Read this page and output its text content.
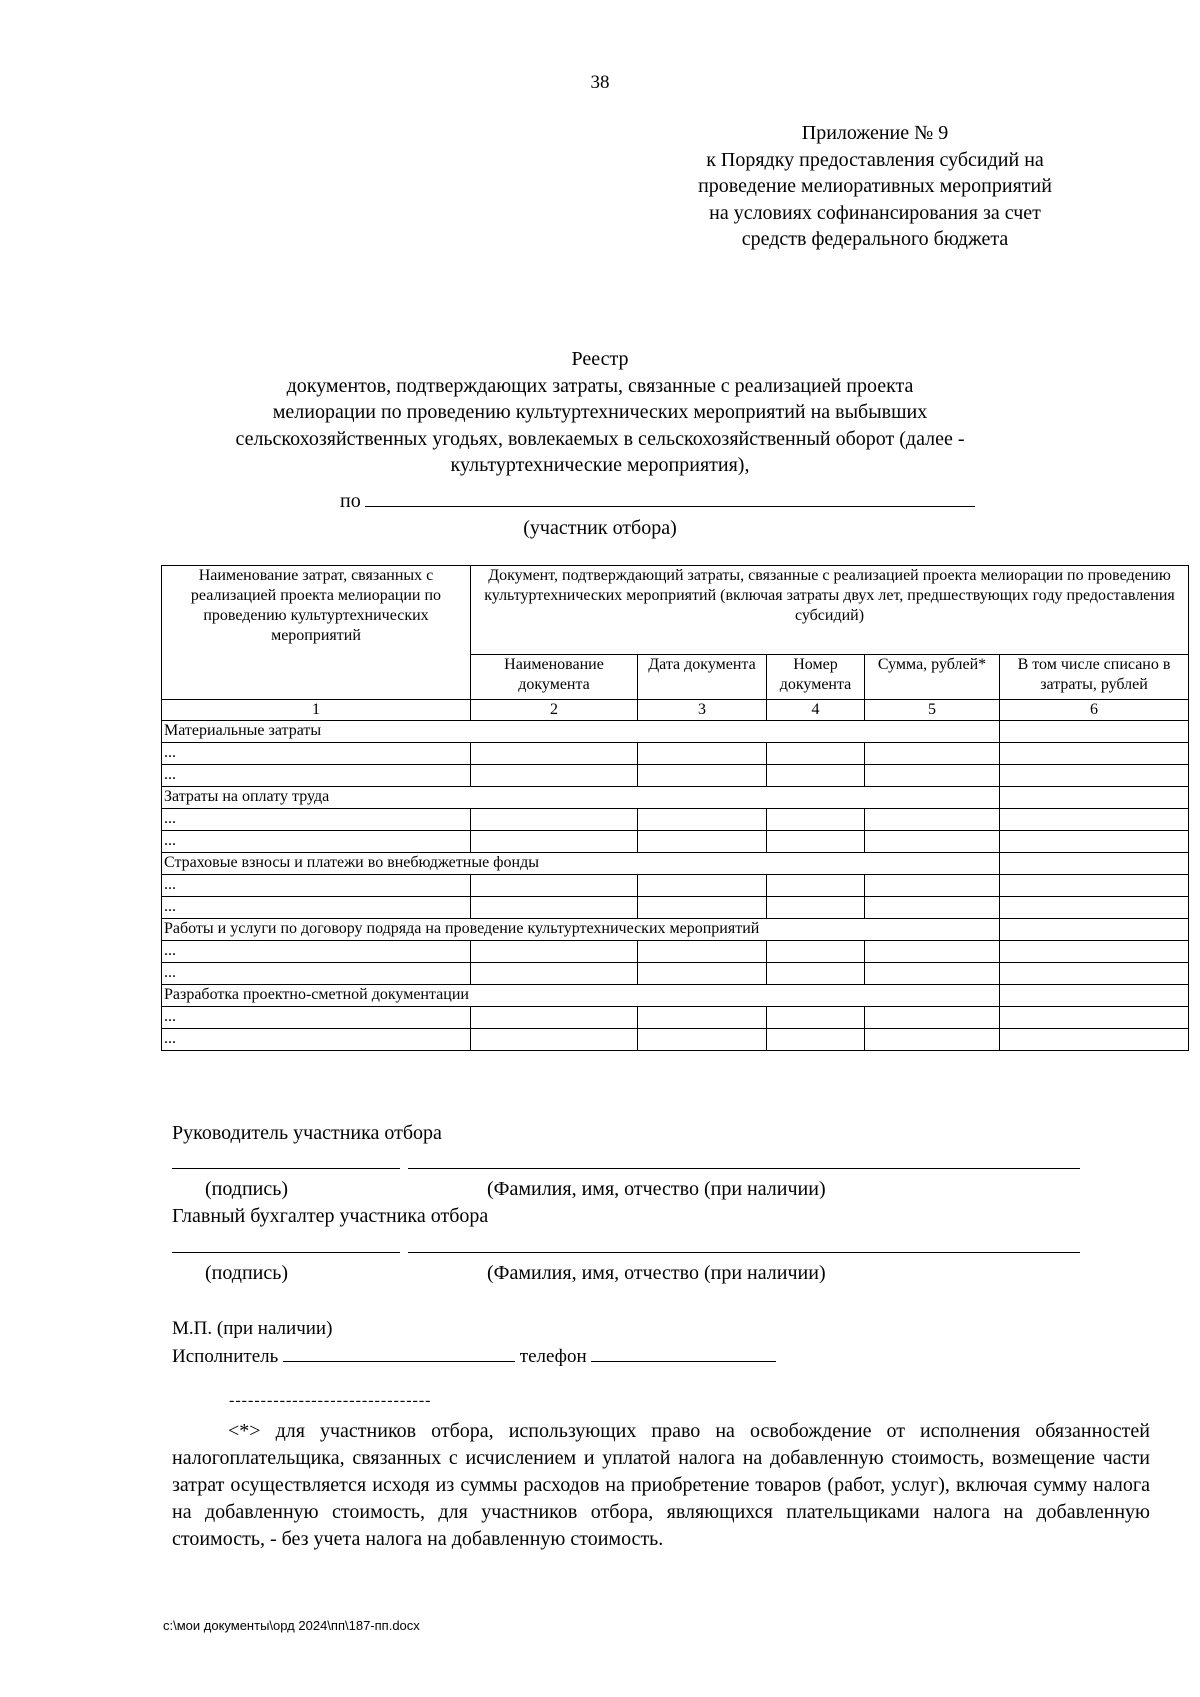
38
Приложение № 9
к Порядку предоставления субсидий на
проведение мелиоративных мероприятий
на условиях софинансирования за счет
средств федерального бюджета
Реестр
документов, подтверждающих затраты, связанные с реализацией проекта
мелиорации по проведению культуртехнических мероприятий на выбывших
сельскохозяйственных угодьях, вовлекаемых в сельскохозяйственный оборот (далее -
культуртехнические мероприятия),
по
(участник отбора)
Наименование затрат, связанных с реализацией проекта мелиорации по проведению культуртехнических мероприятий	Документ, подтверждающий затраты, связанные с реализацией проекта мелиорации по проведению культуртехнических мероприятий (включая затраты двух лет, предшествующих году предоставления субсидий)				
	Наименование документа	Дата документа	Номер документа	Сумма, рублей*	В том числе списано в затраты, рублей
1	2	3	4	5	6
Материальные затраты					
...					
...					
Затраты на оплату труда					
...					
...					
Страховые взносы и платежи во внебюджетные фонды					
...					
...					
Работы и услуги по договору подряда на проведение культуртехнических мероприятий					
...					
...					
Разработка проектно-сметной документации					
...					
...					
Руководитель участника отбора
(подпись)	(Фамилия, имя, отчество (при наличии)
Главный бухгалтер участника отбора
(подпись)	(Фамилия, имя, отчество (при наличии)
М.П. (при наличии)
Исполнитель	телефон
--------------------------------

<*> для участников отбора, использующих право на освобождение от исполнения обязанностей налогоплательщика, связанных с исчислением и уплатой налога на добавленную стоимость, возмещение части затрат осуществляется исходя из суммы расходов на приобретение товаров (работ, услуг), включая сумму налога на добавленную стоимость, для участников отбора, являющихся плательщиками налога на добавленную стоимость, - без учета налога на добавленную стоимость.

c:\мои документы\орд 2024\пп\187-пп.docx
